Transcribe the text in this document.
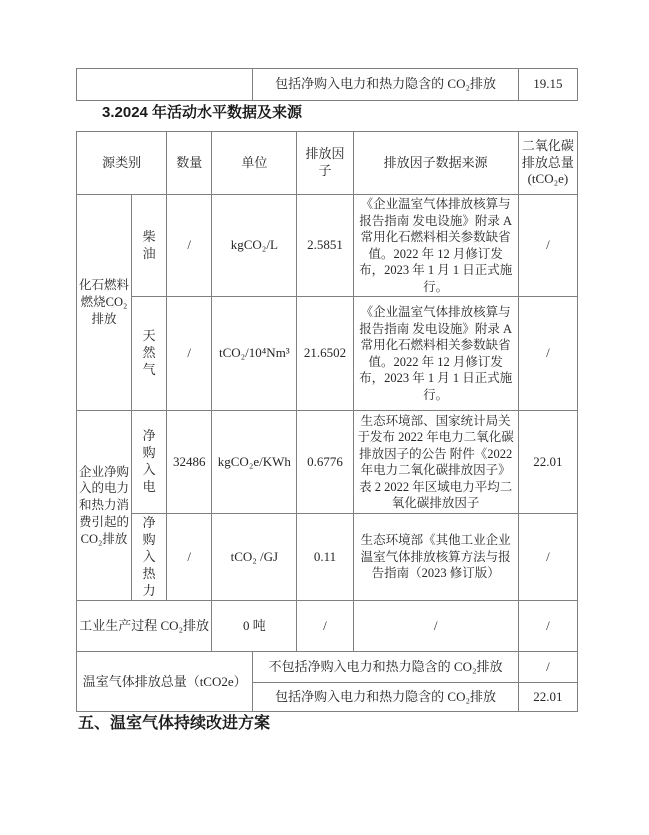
	包括净购入电力和热力隐含的 CO₂排放	19.15
3.2024 年活动水平数据及来源
源类别		数量	单位		排放因子	排放因子数据来源	二氧化碳排放总量(tCO₂e)
化石燃料燃烧CO₂排放	柴油	/	kgCO₂/L		2.5851	《企业温室气体排放核算与报告指南 发电设施》附录 A 常用化石燃料相关参数缺省值。2022 年 12 月修订发布，2023 年 1 月 1 日正式施行。	/
	天然气	/	tCO₂/10⁴Nm³		21.6502	《企业温室气体排放核算与报告指南 发电设施》附录 A 常用化石燃料相关参数缺省值。2022 年 12 月修订发布，2023 年 1 月 1 日正式施行。	/
企业净购入的电力和热力消费引起的 CO₂排放	净购入电	32486	kgCO₂e/KWh		0.6776	生态环境部、国家统计局关于发布 2022 年电力二氧化碳排放因子的公告 附件《2022 年电力二氧化碳排放因子》表 2 2022 年区域电力平均二氧化碳排放因子	22.01
	净购入热力	/	tCO₂ /GJ		0.11	生态环境部《其他工业企业温室气体排放核算方法与报告指南（2023 修订版）	/
工业生产过程 CO₂排放			0 吨		/	/	/
温室气体排放总量（tCO2e）				不包括净购入电力和热力隐含的 CO₂排放			/
				包括净购入电力和热力隐含的 CO₂排放			22.01
五、温室气体持续改进方案
